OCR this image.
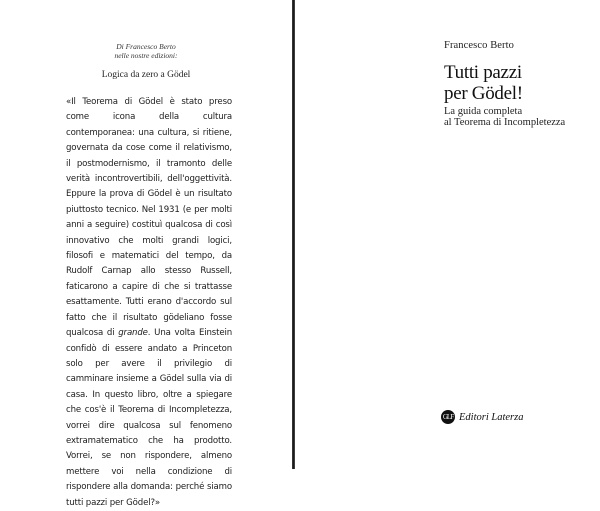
Di Francesco Berto
nelle nostre edizioni:
Logica da zero a Gödel

«Il Teorema di Gödel è stato preso come icona della cultura contemporanea: una cultura, si ritiene, governata da cose come il relativismo, il postmodernismo, il tramonto delle verità incontrovertibili, dell'oggettività. Eppure la prova di Gödel è un risultato piuttosto tecnico. Nel 1931 (e per molti anni a seguire) costituì qualcosa di così innovativo che molti grandi logici, filosofi e matematici del tempo, da Rudolf Carnap allo stesso Russell, faticarono a capire di che si trattasse esattamente. Tutti erano d'accordo sul fatto che il risultato gödeliano fosse qualcosa di grande. Una volta Einstein confidò di essere andato a Princeton solo per avere il privilegio di camminare insieme a Gödel sulla via di casa. In questo libro, oltre a spiegare che cos'è il Teorema di Incompletezza, vorrei dire qualcosa sul fenomeno extramatematico che ha prodotto. Vorrei, se non rispondere, almeno mettere voi nella condizione di rispondere alla domanda: perché siamo tutti pazzi per Gödel?»

Francesco Berto
Tutti pazzi
per Gödel!
La guida completa
al Teorema di Incompletezza
GLF Editori Laterza
